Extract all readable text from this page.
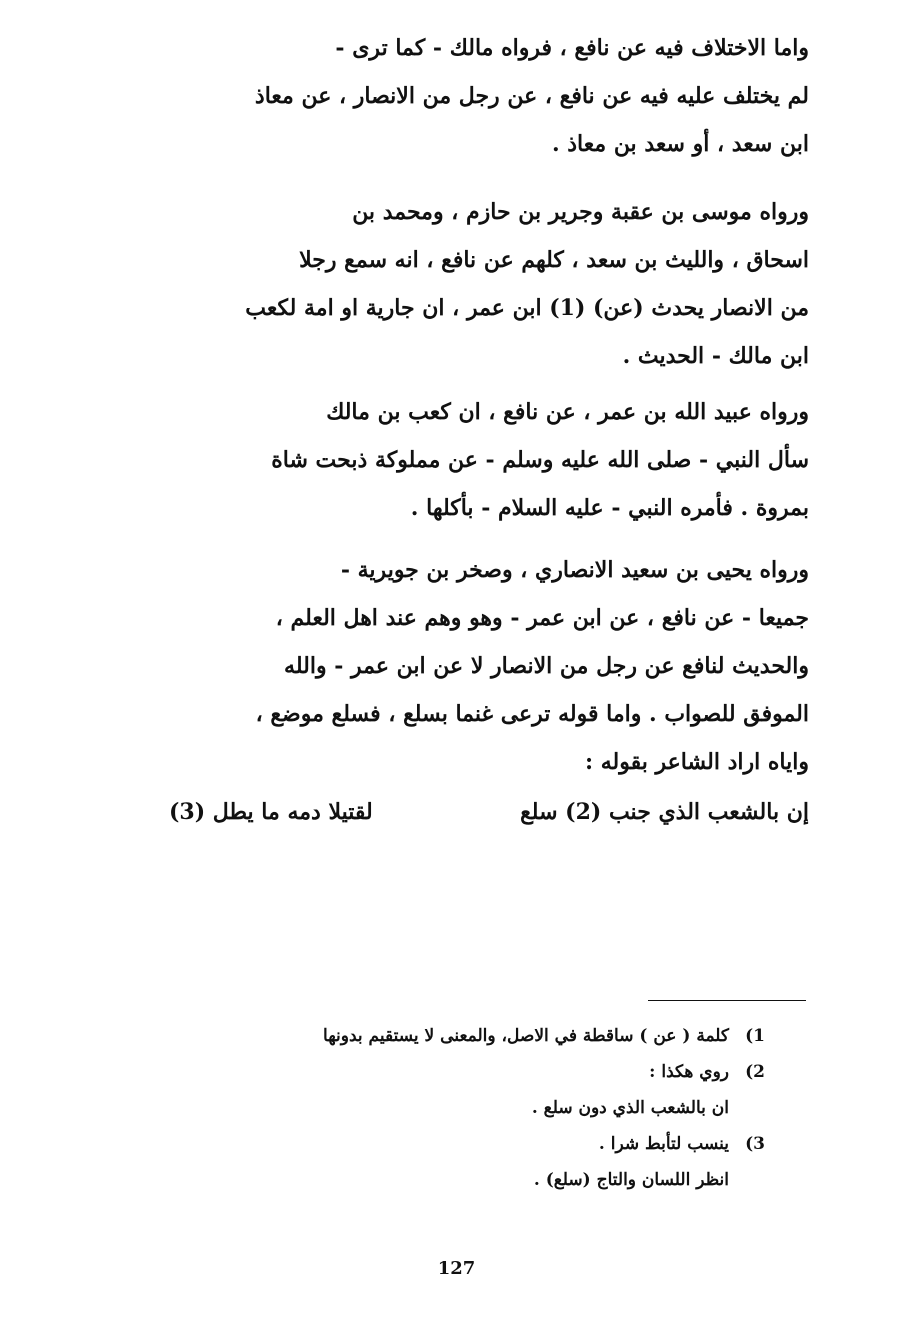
واما الاختلاف فيه عن نافع ، فرواه مالك - كما ترى -
لم يختلف عليه فيه عن نافع ، عن رجل من الانصار ، عن معاذ
ابن سعد ، أو سعد بن معاذ .
ورواه موسى بن عقبة وجرير بن حازم ، ومحمد بن
اسحاق ، والليث بن سعد ، كلهم عن نافع ، انه سمع رجلا
من الانصار يحدث (عن) (1) ابن عمر ، ان جارية او امة لكعب
ابن مالك - الحديث .
ورواه عبيد الله بن عمر ، عن نافع ، ان كعب بن مالك
سأل النبي - صلى الله عليه وسلم - عن مملوكة ذبحت شاة
بمروة . فأمره النبي - عليه السلام - بأكلها .
ورواه يحيى بن سعيد الانصاري ، وصخر بن جويرية -
جميعا - عن نافع ، عن ابن عمر - وهو وهم عند اهل العلم ،
والحديث لنافع عن رجل من الانصار لا عن ابن عمر - والله
الموفق للصواب . واما قوله ترعى غنما بسلع ، فسلع موضع ،
واياه اراد الشاعر بقوله :
إن بالشعب الذي جنب (2) سلع
لقتيلا دمه ما يطل (3)
1)كلمة ( عن ) ساقطة في الاصل، والمعنى لا يستقيم بدونها
2)روي هكذا :
ان بالشعب الذي دون سلع .
3)ينسب لتأبط شرا .
انظر اللسان والتاج (سلع) .
127
